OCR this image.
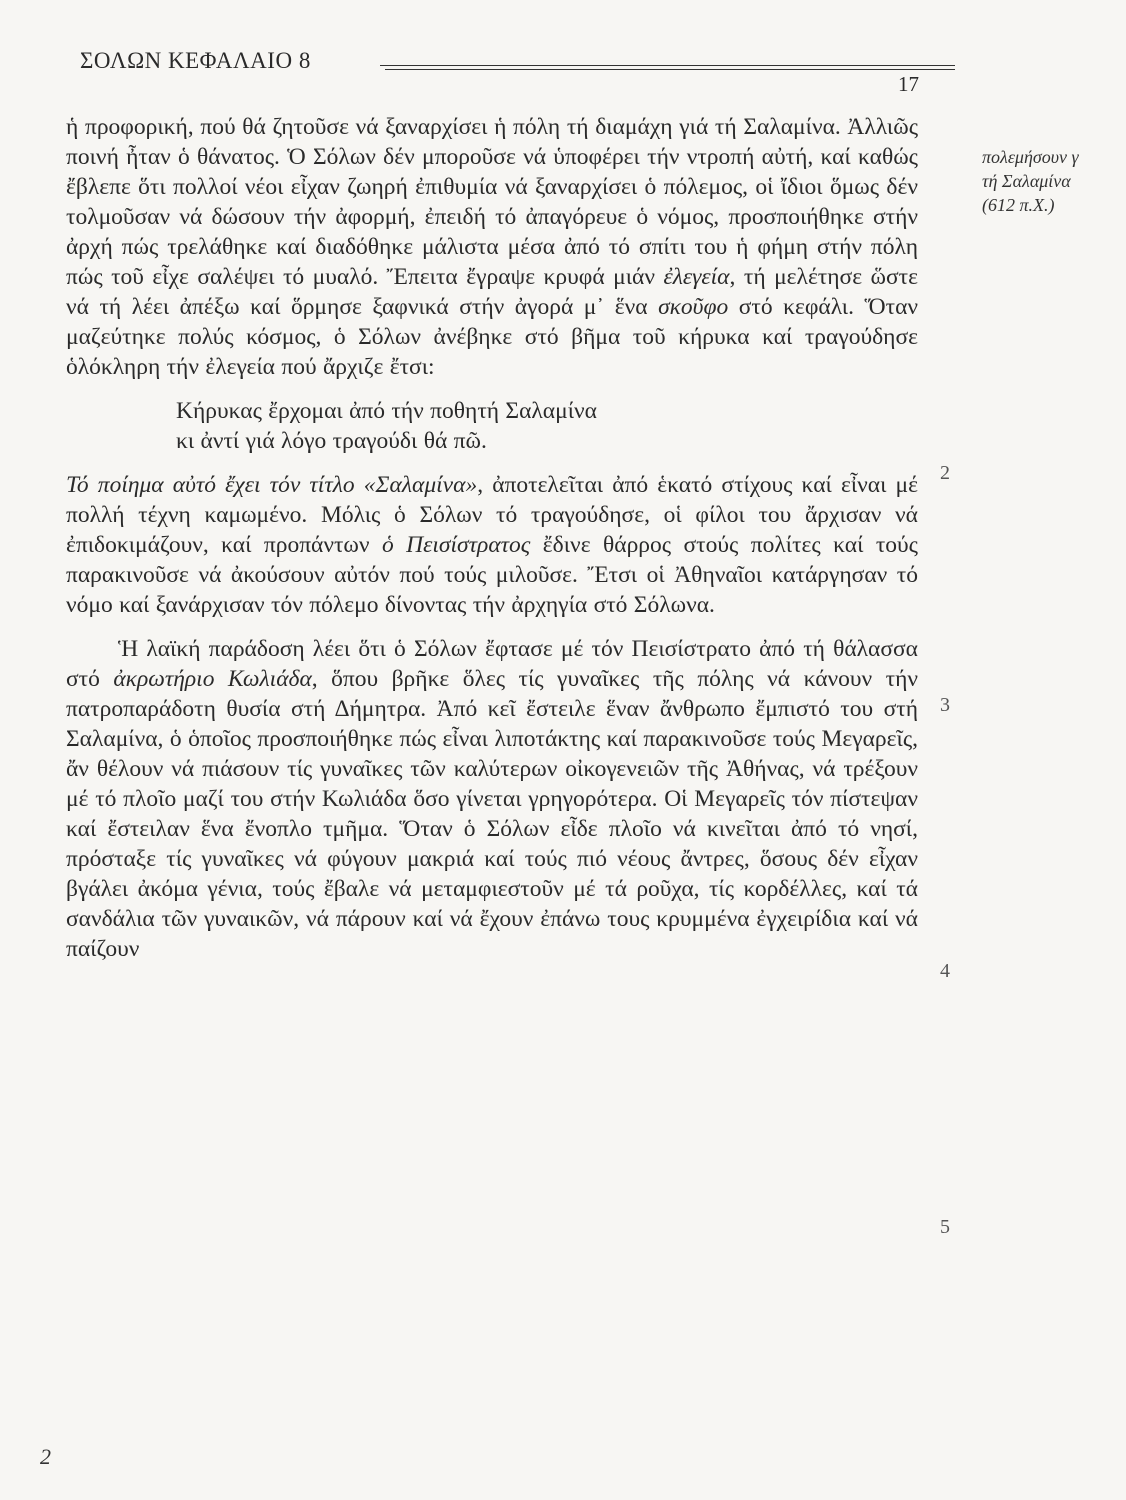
ΣΟΛΩΝ ΚΕΦΑΛΑΙΟ 8
17
πολεμήσουν γ
τή Σαλαμίνα
(612 π.Χ.)
2
3
4
5

ἡ προφορική, πού θά ζητοῦσε νά ξαναρχίσει ἡ πόλη τή διαμάχη γιά τή Σαλαμίνα. Ἀλλιῶς ποινή ἦταν ὁ θάνατος. Ὁ Σόλων δέν μποροῦσε νά ὑποφέρει τήν ντροπή αὐτή, καί καθώς ἔβλεπε ὅτι πολλοί νέοι εἶχαν ζωηρή ἐπιθυμία νά ξαναρχίσει ὁ πόλεμος, οἱ ἴδιοι ὅμως δέν τολμοῦσαν νά δώσουν τήν ἀφορμή, ἐπειδή τό ἀπαγόρευε ὁ νόμος, προσποιήθηκε στήν ἀρχή πώς τρελάθηκε καί διαδόθηκε μάλιστα μέσα ἀπό τό σπίτι του ἡ φήμη στήν πόλη πώς τοῦ εἶχε σαλέψει τό μυαλό. Ἔπειτα ἔγραψε κρυφά μιάν ἐλεγεία, τή μελέτησε ὥστε νά τή λέει ἀπέξω καί ὅρμησε ξαφνικά στήν ἀγορά μ᾽ ἕνα σκοῦφο στό κεφάλι. Ὅταν μαζεύτηκε πολύς κόσμος, ὁ Σόλων ἀνέβηκε στό βῆμα τοῦ κήρυκα καί τραγούδησε ὁλόκληρη τήν ἐλεγεία πού ἄρχιζε ἔτσι:

Κήρυκας ἔρχομαι ἀπό τήν ποθητή Σαλαμίνα
κι ἀντί γιά λόγο τραγούδι θά πῶ.

Τό ποίημα αὐτό ἔχει τόν τίτλο «Σαλαμίνα», ἀποτελεῖται ἀπό ἑκατό στίχους καί εἶναι μέ πολλή τέχνη καμωμένο. Μόλις ὁ Σόλων τό τραγούδησε, οἱ φίλοι του ἄρχισαν νά ἐπιδοκιμάζουν, καί προπάντων ὁ Πεισίστρατος ἔδινε θάρρος στούς πολίτες καί τούς παρακινοῦσε νά ἀκούσουν αὐτόν πού τούς μιλοῦσε. Ἔτσι οἱ Ἀθηναῖοι κατάργησαν τό νόμο καί ξανάρχισαν τόν πόλεμο δίνοντας τήν ἀρχηγία στό Σόλωνα.

Ἡ λαϊκή παράδοση λέει ὅτι ὁ Σόλων ἔφτασε μέ τόν Πεισίστρατο ἀπό τή θάλασσα στό ἀκρωτήριο Κωλιάδα, ὅπου βρῆκε ὅλες τίς γυναῖκες τῆς πόλης νά κάνουν τήν πατροπαράδοτη θυσία στή Δήμητρα. Ἀπό κεῖ ἔστειλε ἕναν ἄνθρωπο ἔμπιστό του στή Σαλαμίνα, ὁ ὁποῖος προσποιήθηκε πώς εἶναι λιποτάκτης καί παρακινοῦσε τούς Μεγαρεῖς, ἄν θέλουν νά πιάσουν τίς γυναῖκες τῶν καλύτερων οἰκογενειῶν τῆς Ἀθήνας, νά τρέξουν μέ τό πλοῖο μαζί του στήν Κωλιάδα ὅσο γίνεται γρηγορότερα. Οἱ Μεγαρεῖς τόν πίστεψαν καί ἔστειλαν ἕνα ἔνοπλο τμῆμα. Ὅταν ὁ Σόλων εἶδε πλοῖο νά κινεῖται ἀπό τό νησί, πρόσταξε τίς γυναῖκες νά φύγουν μακριά καί τούς πιό νέους ἄντρες, ὅσους δέν εἶχαν βγάλει ἀκόμα γένια, τούς ἔβαλε νά μεταμφιεστοῦν μέ τά ροῦχα, τίς κορδέλλες, καί τά σανδάλια τῶν γυναικῶν, νά πάρουν καί νά ἔχουν ἐπάνω τους κρυμμένα ἐγχειρίδια καί νά παίζουν

2
